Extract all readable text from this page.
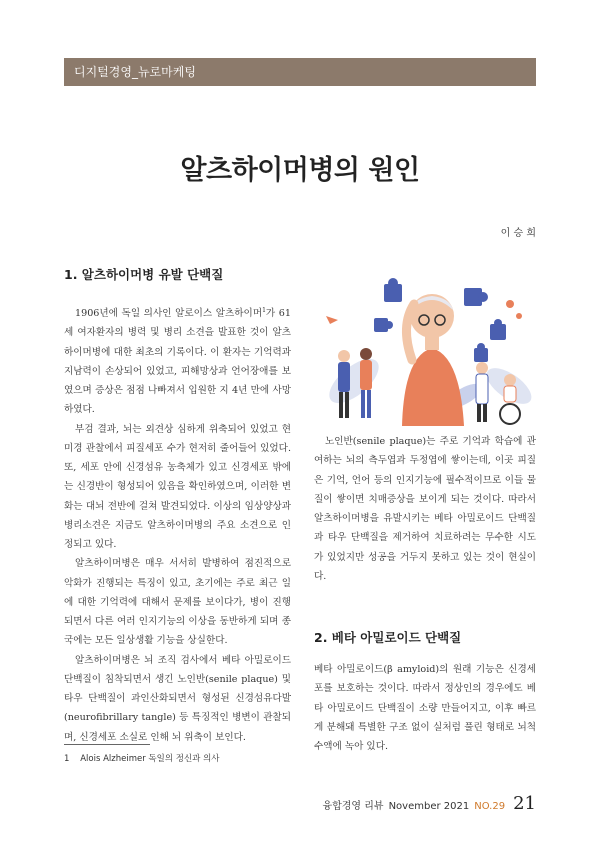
디지털경영_뉴로마케팅
알츠하이머병의 원인
이 승 희
1. 알츠하이머병 유발 단백질

1906년에 독일 의사인 알로이스 알츠하이머$^1$가 61세 여자환자의 병력 및 병리 소견을 발표한 것이 알츠하이머병에 대한 최초의 기록이다. 이 환자는 기억력과 지남력이 손상되어 있었고, 피해망상과 언어장애를 보였으며 증상은 점점 나빠져서 입원한 지 4년 만에 사망하였다.

부검 결과, 뇌는 외견상 심하게 위축되어 있었고 현미경 관찰에서 피질세포 수가 현저히 줄어들어 있었다. 또, 세포 안에 신경섬유 농축체가 있고 신경세포 밖에는 신경반이 형성되어 있음을 확인하였으며, 이러한 변화는 대뇌 전반에 걸쳐 발견되었다. 이상의 임상양상과 병리소견은 지금도 알츠하이머병의 주요 소견으로 인정되고 있다.

알츠하이머병은 매우 서서히 발병하여 점진적으로 악화가 진행되는 특징이 있고, 초기에는 주로 최근 일에 대한 기억력에 대해서 문제를 보이다가, 병이 진행되면서 다른 여러 인지기능의 이상을 동반하게 되며 종국에는 모든 일상생활 기능을 상실한다.

알츠하이머병은 뇌 조직 검사에서 베타 아밀로이드 단백질이 침착되면서 생긴 노인반(senile plaque) 및 타우 단백질이 과인산화되면서 형성된 신경섬유다발(neurofibrillary tangle) 등 특징적인 병변이 관찰되며, 신경세포 소실로 인해 뇌 위축이 보인다.

노인반(senile plaque)는 주로 기억과 학습에 관여하는 뇌의 측두엽과 두정엽에 쌓이는데, 이곳 피질은 기억, 언어 등의 인지기능에 필수적이므로 이들 물질이 쌓이면 치매증상을 보이게 되는 것이다. 따라서 알츠하이머병을 유발시키는 베타 아밀로이드 단백질과 타우 단백질을 제거하여 치료하려는 무수한 시도가 있었지만 성공을 거두지 못하고 있는 것이 현실이다.

2. 베타 아밀로이드 단백질

베타 아밀로이드(β amyloid)의 원래 기능은 신경세포를 보호하는 것이다. 따라서 정상인의 경우에도 베타 아밀로이드 단백질이 소량 만들어지고, 이후 빠르게 분해돼 특별한 구조 없이 실처럼 풀린 형태로 뇌척수액에 녹아 있다.

1 Alois Alzheimer 독일의 정신과 의사
융합경영 리뷰 November 2021 NO.29 21
